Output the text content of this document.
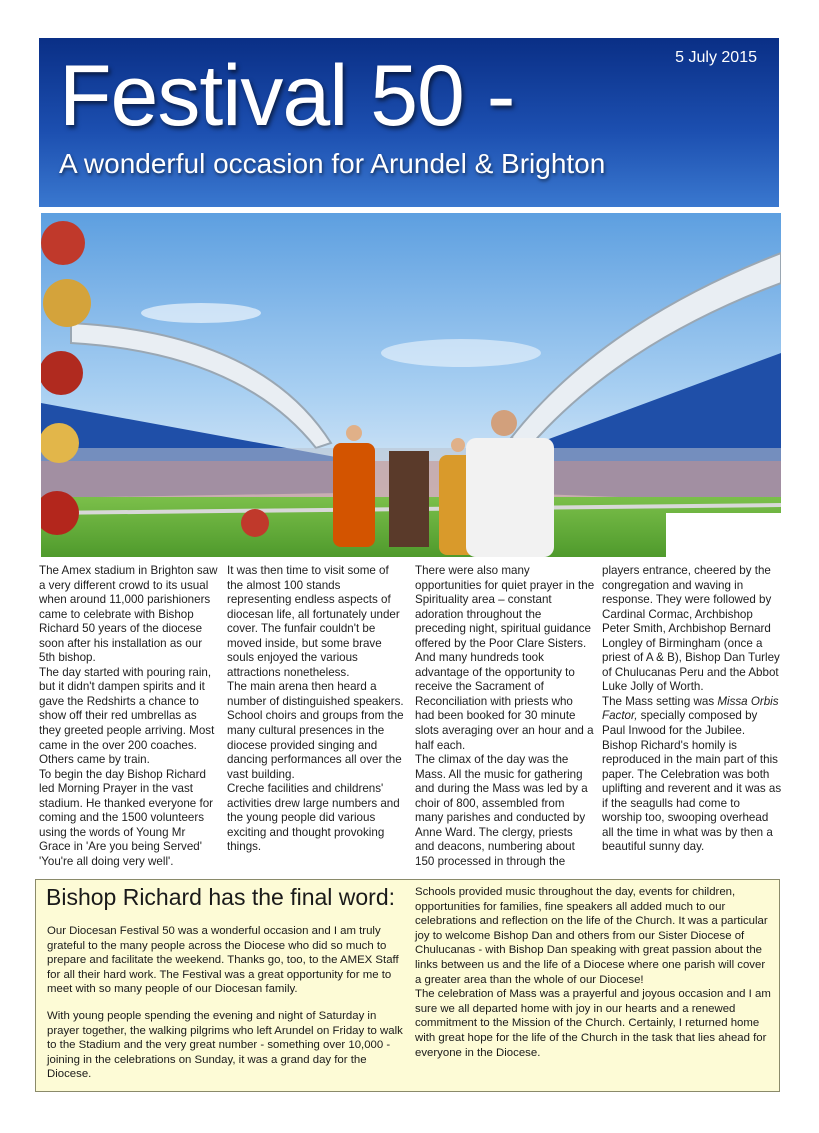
5 July 2015
Festival 50 -
A wonderful occasion for Arundel & Brighton

The Amex stadium in Brighton saw a very different crowd to its usual when around 11,000 parishioners came to celebrate with Bishop Richard 50 years of the diocese soon after his installation as our 5th bishop.

The day started with pouring rain, but it didn't dampen spirits and it gave the Redshirts a chance to show off their red umbrellas as they greeted people arriving. Most came in the over 200 coaches. Others came by train.

To begin the day Bishop Richard led Morning Prayer in the vast stadium. He thanked everyone for coming and the 1500 volunteers using the words of Young Mr Grace in 'Are you being Served' 'You're all doing very well'.

It was then time to visit some of the almost 100 stands representing endless aspects of diocesan life, all fortunately under cover. The funfair couldn't be moved inside, but some brave souls enjoyed the various attractions nonetheless.

The main arena then heard a number of distinguished speakers.

School choirs and groups from the many cultural presences in the diocese provided singing and dancing performances all over the vast building.

Creche facilities and childrens' activities drew large numbers and the young people did various exciting and thought provoking things.

There were also many opportunities for quiet prayer in the Spirituality area – constant adoration throughout the preceding night, spiritual guidance offered by the Poor Clare Sisters. And many hundreds took advantage of the opportunity to receive the Sacrament of Reconciliation with priests who had been booked for 30 minute slots averaging over an hour and a half each.

The climax of the day was the Mass. All the music for gathering and during the Mass was led by a choir of 800, assembled from many parishes and conducted by Anne Ward. The clergy, priests and deacons, numbering about 150 processed in through the

players entrance, cheered by the congregation and waving in response. They were followed by Cardinal Cormac, Archbishop Peter Smith, Archbishop Bernard Longley of Birmingham (once a priest of A & B), Bishop Dan Turley of Chulucanas Peru and the Abbot Luke Jolly of Worth.

The Mass setting was Missa Orbis Factor, specially composed by Paul Inwood for the Jubilee.

Bishop Richard's homily is reproduced in the main part of this paper. The Celebration was both uplifting and reverent and it was as if the seagulls had come to worship too, swooping overhead all the time in what was by then a beautiful sunny day.

Bishop Richard has the final word:

Our Diocesan Festival 50 was a wonderful occasion and I am truly grateful to the many people across the Diocese who did so much to prepare and facilitate the weekend. Thanks go, too, to the AMEX Staff for all their hard work. The Festival was a great opportunity for me to meet with so many people of our Diocesan family.

With young people spending the evening and night of Saturday in prayer together, the walking pilgrims who left Arundel on Friday to walk to the Stadium and the very great number - something over 10,000 - joining in the celebrations on Sunday, it was a grand day for the Diocese.

Schools provided music throughout the day, events for children, opportunities for families, fine speakers all added much to our celebrations and reflection on the life of the Church. It was a particular joy to welcome Bishop Dan and others from our Sister Diocese of Chulucanas - with Bishop Dan speaking with great passion about the links between us and the life of a Diocese where one parish will cover a greater area than the whole of our Diocese!

The celebration of Mass was a prayerful and joyous occasion and I am sure we all departed home with joy in our hearts and a renewed commitment to the Mission of the Church. Certainly, I returned home with great hope for the life of the Church in the task that lies ahead for everyone in the Diocese.
